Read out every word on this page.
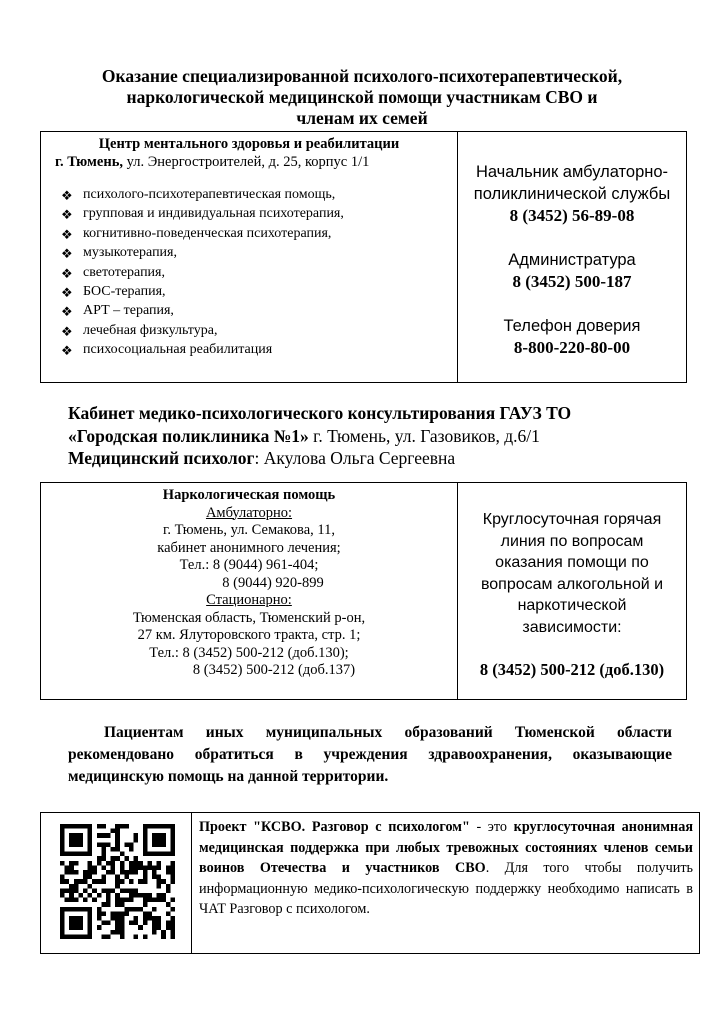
Оказание специализированной психолого-психотерапевтической,
наркологической медицинской помощи участникам СВО и
членам их семей
Центр ментального здоровья и реабилитации
г. Тюмень, ул. Энергостроителей, д. 25, корпус 1/1
❖ психолого-психотерапевтическая помощь,
❖ групповая и индивидуальная психотерапия,
❖ когнитивно-поведенческая психотерапия,
❖ музыкотерапия,
❖ светотерапия,
❖ БОС-терапия,
❖ АРТ – терапия,
❖ лечебная физкультура,
❖ психосоциальная реабилитация
Начальник амбулаторно-
поликлинической службы
8 (3452) 56-89-08
Администратура
8 (3452) 500-187
Телефон доверия
8-800-220-80-00
Кабинет медико-психологического консультирования ГАУЗ ТО
«Городская поликлиника №1» г. Тюмень, ул. Газовиков, д.6/1
Медицинский психолог: Акулова Ольга Сергеевна
Наркологическая помощь
Амбулаторно:
г. Тюмень, ул. Семакова, 11,
кабинет анонимного лечения;
Тел.: 8 (9044) 961-404;
8 (9044) 920-899
Стационарно:
Тюменская область, Тюменский р-он,
27 км. Ялуторовского тракта, стр. 1;
Тел.: 8 (3452) 500-212 (доб.130);
8 (3452) 500-212 (доб.137)
Круглосуточная горячая
линия по вопросам
оказания помощи по
вопросам алкогольной и
наркотической
зависимости:
8 (3452) 500-212 (доб.130)
Пациентам иных муниципальных образований Тюменской области рекомендовано обратиться в учреждения здравоохранения, оказывающие медицинскую помощь на данной территории.
Проект "КСВО. Разговор с психологом" - это круглосуточная анонимная медицинская поддержка при любых тревожных состояниях членов семьи воинов Отечества и участников СВО. Для того чтобы получить информационную медико-психологическую поддержку необходимо написать в ЧАТ Разговор с психологом.
